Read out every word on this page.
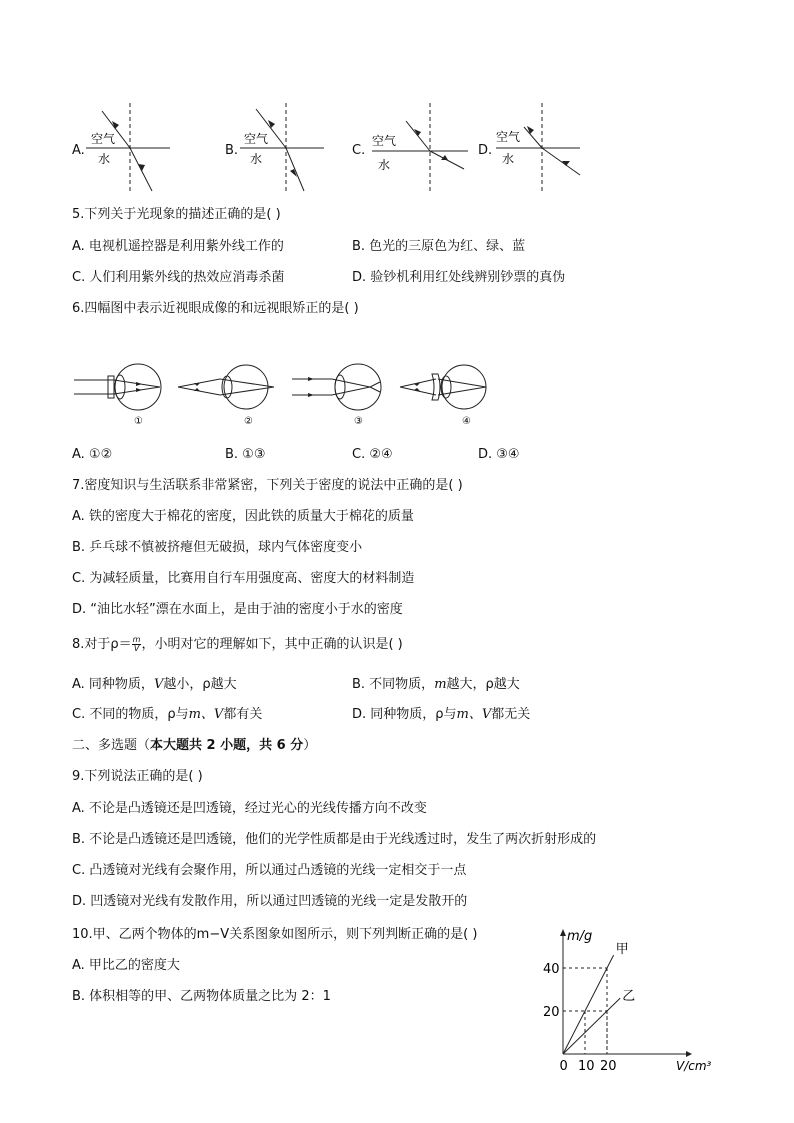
A.
空气
水
B.
空气
水
C.
空气
水
D.
空气
水
5.下列关于光现象的描述正确的是( )
A. 电视机遥控器是利用紫外线工作的	B. 色光的三原色为红、绿、蓝
C. 人们利用紫外线的热效应消毒杀菌	D. 验钞机利用红处线辨别钞票的真伪
6.四幅图中表示近视眼成像的和远视眼矫正的是( )
①	②	③	④
A. ①②	B. ①③	C. ②④	D. ③④
7.密度知识与生活联系非常紧密，下列关于密度的说法中正确的是( )
A. 铁的密度大于棉花的密度，因此铁的质量大于棉花的质量
B. 乒乓球不慎被挤瘪但无破损，球内气体密度变小
C. 为减轻质量，比赛用自行车用强度高、密度大的材料制造
D. “油比水轻”漂在水面上，是由于油的密度小于水的密度
8.对于$\rho= \frac{m}{V}$ ，小明对它的理解如下，其中正确的认识是( )
A. 同种物质，V越小，ρ越大	B. 不同物质，m越大，ρ越大
C. 不同的物质，ρ与m、V都有关	D. 同种物质，ρ与m、V都无关
二、多选题（本大题共 2 小题，共 6 分）
9.下列说法正确的是( )
A. 不论是凸透镜还是凹透镜，经过光心的光线传播方向不改变
B. 不论是凸透镜还是凹透镜，他们的光学性质都是由于光线透过时，发生了两次折射形成的
C. 凸透镜对光线有会聚作用，所以通过凸透镜的光线一定相交于一点
D. 凹透镜对光线有发散作用，所以通过凹透镜的光线一定是发散开的
10.甲、乙两个物体的m−V关系图象如图所示，则下列判断正确的是( )
A. 甲比乙的密度大
B. 体积相等的甲、乙两物体质量之比为 2：1
m/g
V/cm³
0 10 20
20
40
甲
乙
